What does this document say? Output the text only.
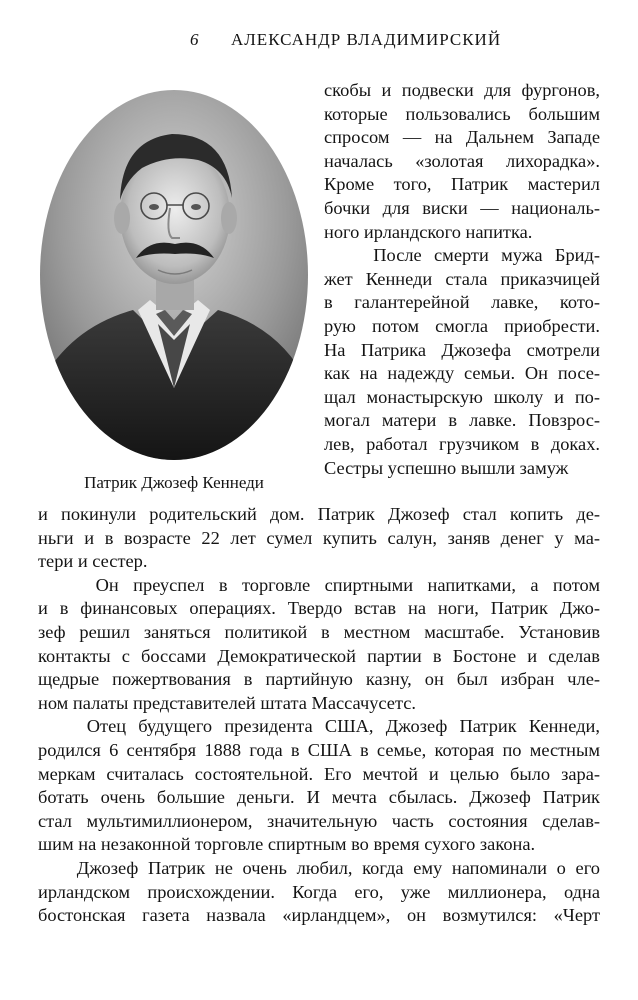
6 АЛЕКСАНДР ВЛАДИМИРСКИЙ
Патрик Джозеф Кеннеди
скобы и подвески для фургонов,
которые пользовались большим
спросом — на Дальнем Западе
началась «золотая лихорадка».
Кроме того, Патрик мастерил
бочки для виски — националь-
ного ирландского напитка.
После смерти мужа Брид-
жет Кеннеди стала приказчицей
в галантерейной лавке, кото-
рую потом смогла приобрести.
На Патрика Джозефа смотрели
как на надежду семьи. Он посе-
щал монастырскую школу и по-
могал матери в лавке. Повзрос-
лев, работал грузчиком в доках.
Сестры успешно вышли замуж
и покинули родительский дом. Патрик Джозеф стал копить де-
ньги и в возрасте 22 лет сумел купить салун, заняв денег у ма-
тери и сестер.
Он преуспел в торговле спиртными напитками, а потом
и в финансовых операциях. Твердо встав на ноги, Патрик Джо-
зеф решил заняться политикой в местном масштабе. Установив
контакты с боссами Демократической партии в Бостоне и сделав
щедрые пожертвования в партийную казну, он был избран чле-
ном палаты представителей штата Массачусетс.
Отец будущего президента США, Джозеф Патрик Кеннеди,
родился 6 сентября 1888 года в США в семье, которая по местным
меркам считалась состоятельной. Его мечтой и целью было зара-
ботать очень большие деньги. И мечта сбылась. Джозеф Патрик
стал мультимиллионером, значительную часть состояния сделав-
шим на незаконной торговле спиртным во время сухого закона.
Джозеф Патрик не очень любил, когда ему напоминали о его
ирландском происхождении. Когда его, уже миллионера, одна
бостонская газета назвала «ирландцем», он возмутился: «Черт
